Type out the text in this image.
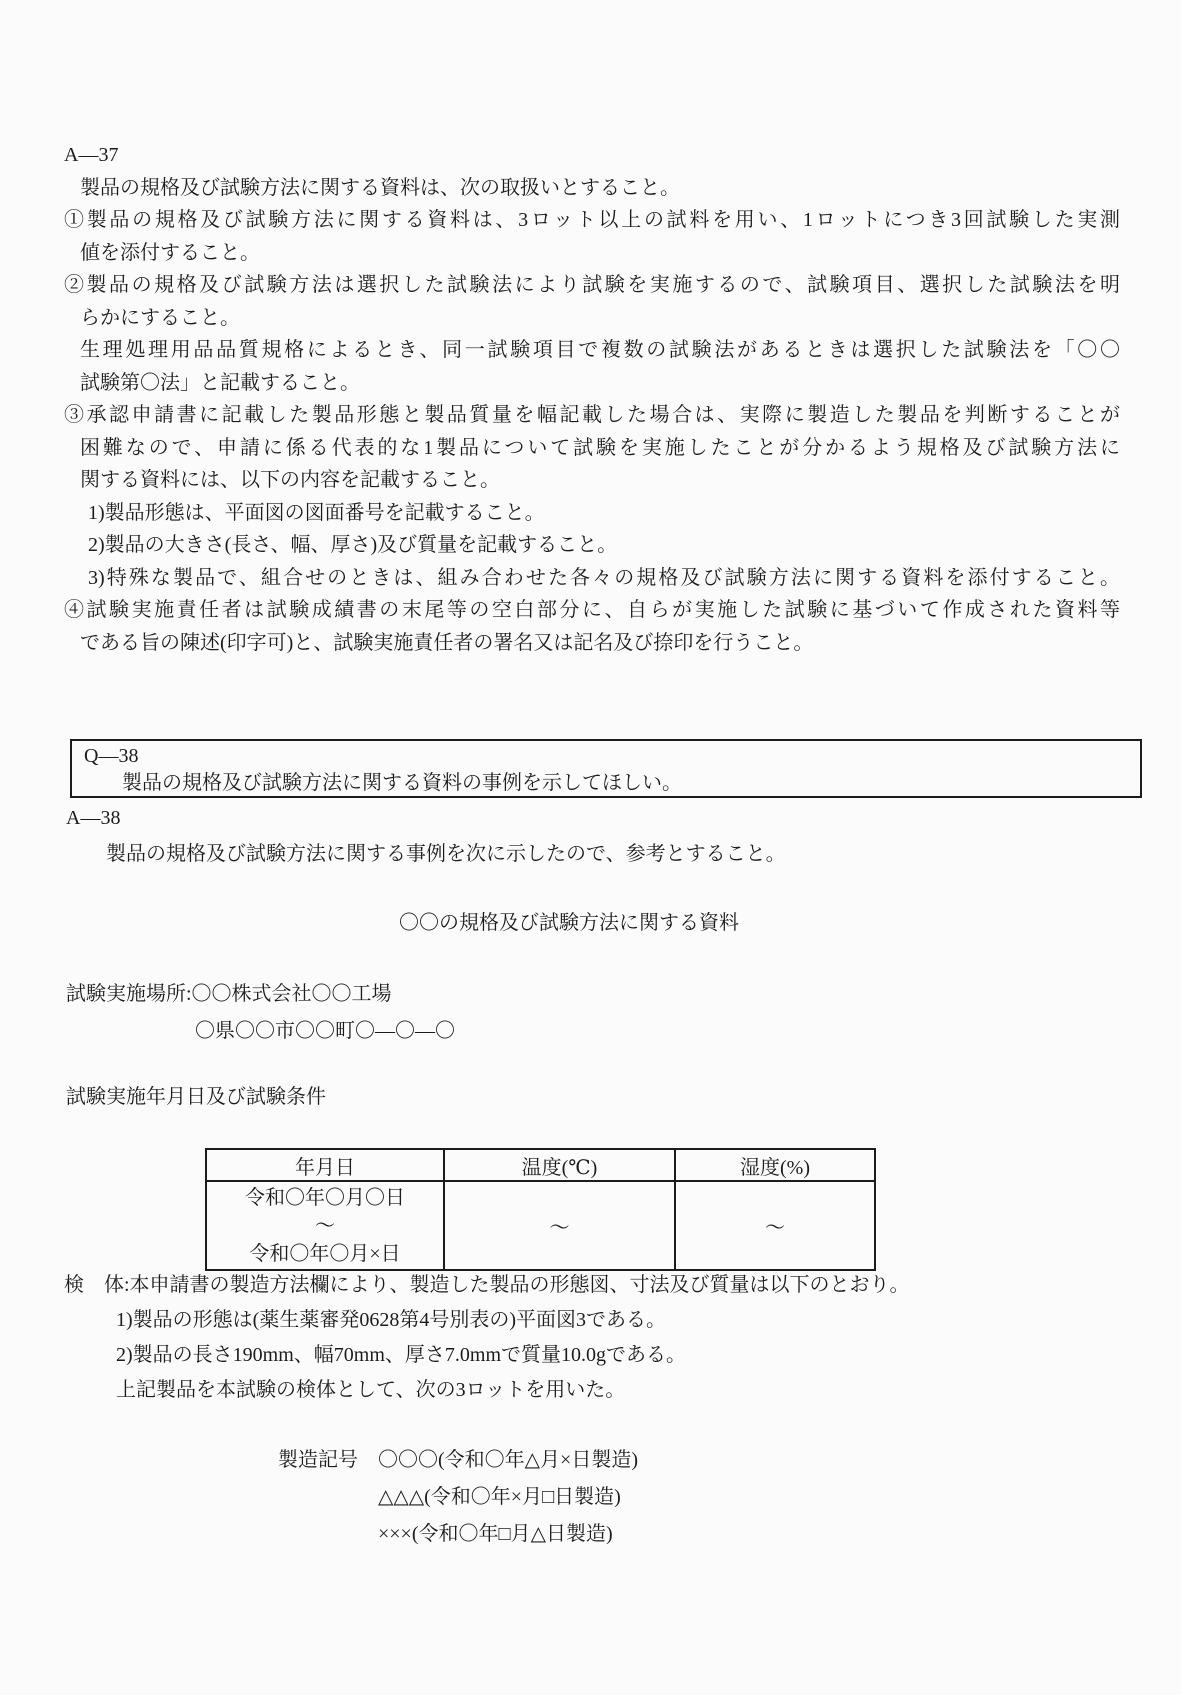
A―37
製品の規格及び試験方法に関する資料は、次の取扱いとすること。
①製品の規格及び試験方法に関する資料は、3ロット以上の試料を用い、1ロットにつき3回試験した実測
値を添付すること。
②製品の規格及び試験方法は選択した試験法により試験を実施するので、試験項目、選択した試験法を明
らかにすること。
生理処理用品品質規格によるとき、同一試験項目で複数の試験法があるときは選択した試験法を「〇〇
試験第〇法」と記載すること。
③承認申請書に記載した製品形態と製品質量を幅記載した場合は、実際に製造した製品を判断することが
困難なので、申請に係る代表的な1製品について試験を実施したことが分かるよう規格及び試験方法に
関する資料には、以下の内容を記載すること。
1)製品形態は、平面図の図面番号を記載すること。
2)製品の大きさ(長さ、幅、厚さ)及び質量を記載すること。
3)特殊な製品で、組合せのときは、組み合わせた各々の規格及び試験方法に関する資料を添付すること。
④試験実施責任者は試験成績書の末尾等の空白部分に、自らが実施した試験に基づいて作成された資料等
である旨の陳述(印字可)と、試験実施責任者の署名又は記名及び捺印を行うこと。
Q―38
製品の規格及び試験方法に関する資料の事例を示してほしい。
A―38
製品の規格及び試験方法に関する事例を次に示したので、参考とすること。
〇〇の規格及び試験方法に関する資料
試験実施場所:〇〇株式会社〇〇工場
〇県〇〇市〇〇町〇―〇―〇
試験実施年月日及び試験条件
年月日	温度(℃)	湿度(%)

令和〇年〇月〇日
～
令和〇年〇月×日	～	～
検　体:本申請書の製造方法欄により、製造した製品の形態図、寸法及び質量は以下のとおり。
1)製品の形態は(薬生薬審発0628第4号別表の)平面図3である。
2)製品の長さ190mm、幅70mm、厚さ7.0mmで質量10.0gである。
上記製品を本試験の検体として、次の3ロットを用いた。
製造記号　〇〇〇(令和〇年△月×日製造)
△△△(令和〇年×月□日製造)
×××(令和〇年□月△日製造)
